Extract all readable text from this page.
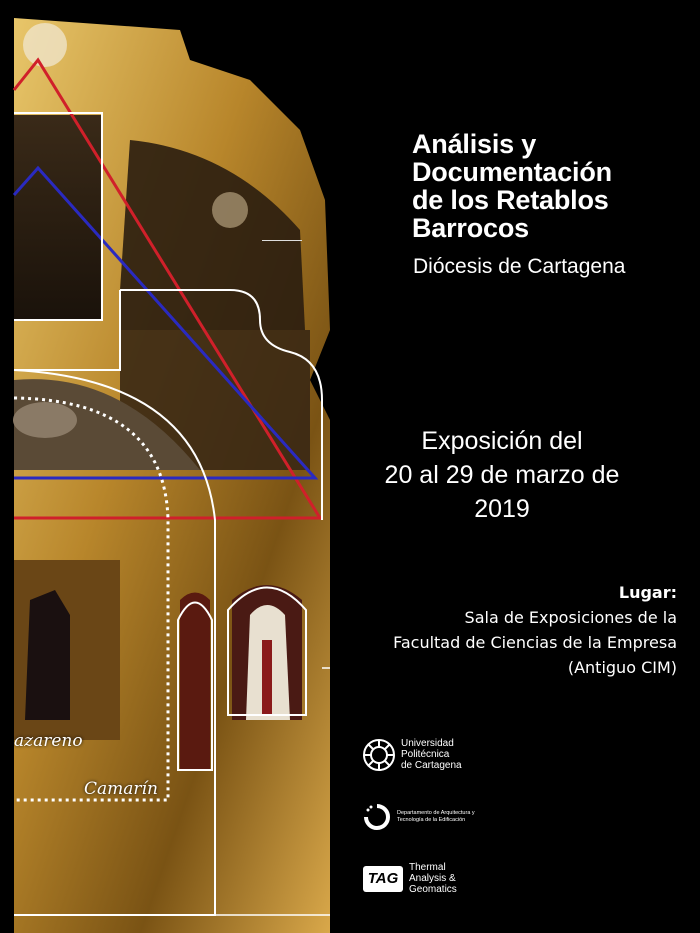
azareno
Camarín
Análisis y
Documentación
de los Retablos
Barrocos
Diócesis de Cartagena
Exposición del
20 al 29 de marzo de
2019
Lugar:
Sala de Exposiciones de la
Facultad de Ciencias de la Empresa
(Antiguo CIM)
Universidad
Politécnica
de Cartagena
Departamento de Arquitectura y
Tecnología de la Edificación
TAG
Thermal
Analysis &
Geomatics
